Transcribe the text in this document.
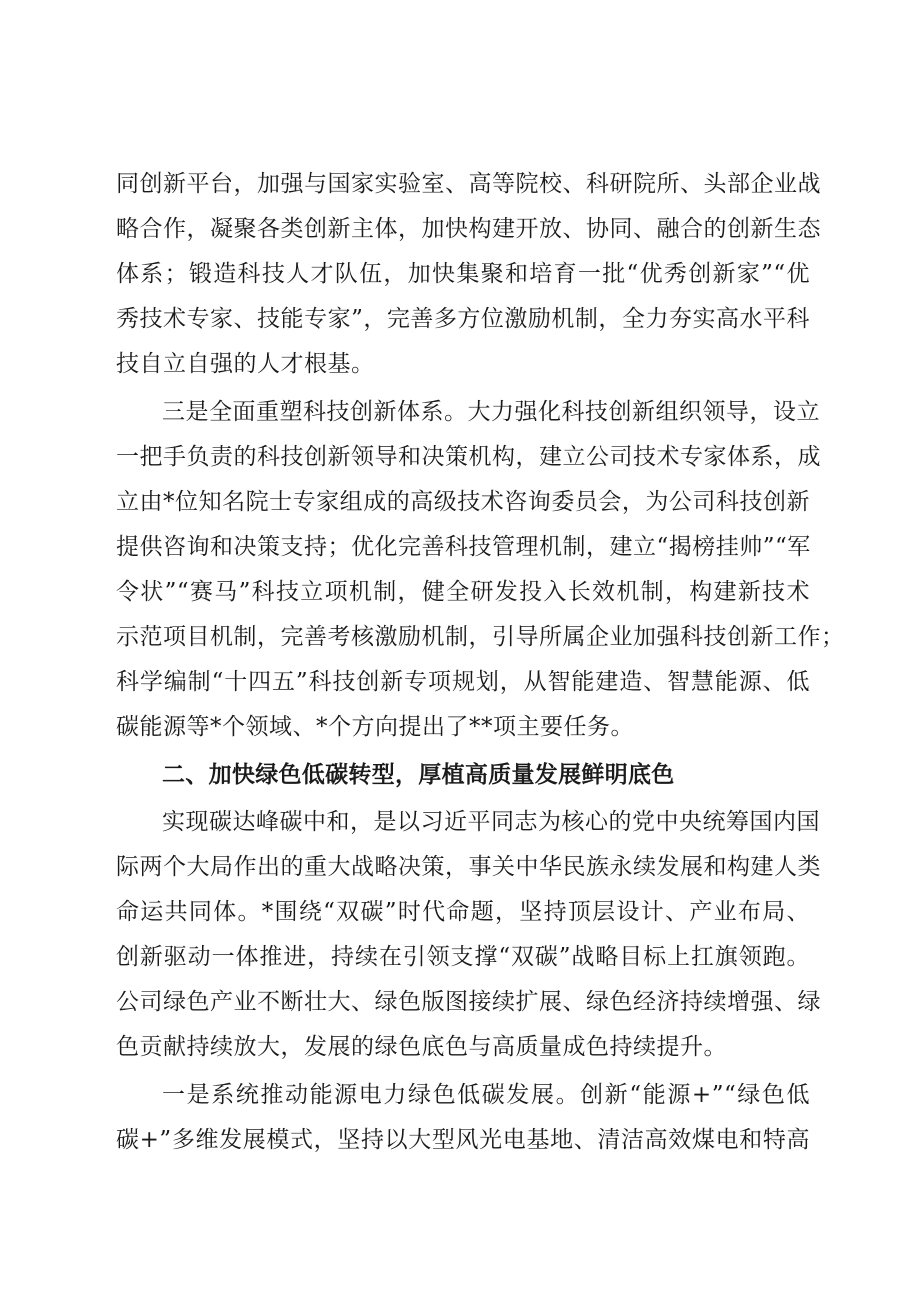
同创新平台，加强与国家实验室、高等院校、科研院所、头部企业战
略合作，凝聚各类创新主体，加快构建开放、协同、融合的创新生态
体系；锻造科技人才队伍，加快集聚和培育一批“优秀创新家”“优
秀技术专家、技能专家”，完善多方位激励机制，全力夯实高水平科
技自立自强的人才根基。
三是全面重塑科技创新体系。大力强化科技创新组织领导，设立
一把手负责的科技创新领导和决策机构，建立公司技术专家体系，成
立由*位知名院士专家组成的高级技术咨询委员会，为公司科技创新
提供咨询和决策支持；优化完善科技管理机制，建立“揭榜挂帅”“军
令状”“赛马”科技立项机制，健全研发投入长效机制，构建新技术
示范项目机制，完善考核激励机制，引导所属企业加强科技创新工作；
科学编制“十四五”科技创新专项规划，从智能建造、智慧能源、低
碳能源等*个领域、*个方向提出了**项主要任务。
二、加快绿色低碳转型，厚植高质量发展鲜明底色
实现碳达峰碳中和，是以习近平同志为核心的党中央统筹国内国
际两个大局作出的重大战略决策，事关中华民族永续发展和构建人类
命运共同体。*围绕“双碳”时代命题，坚持顶层设计、产业布局、
创新驱动一体推进，持续在引领支撑“双碳”战略目标上扛旗领跑。
公司绿色产业不断壮大、绿色版图接续扩展、绿色经济持续增强、绿
色贡献持续放大，发展的绿色底色与高质量成色持续提升。
一是系统推动能源电力绿色低碳发展。创新“能源+”“绿色低
碳+”多维发展模式，坚持以大型风光电基地、清洁高效煤电和特高
